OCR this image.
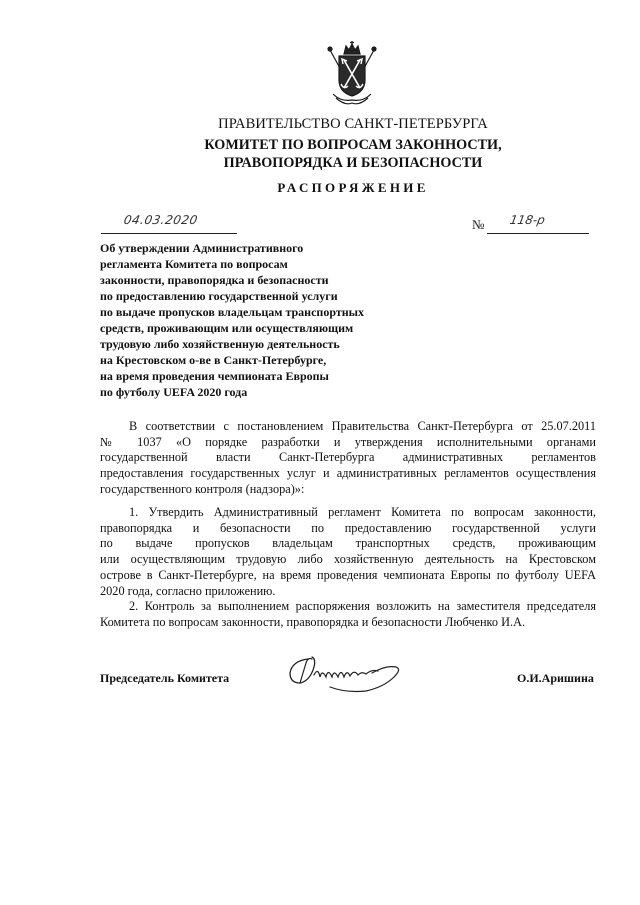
ПРАВИТЕЛЬСТВО САНКТ-ПЕТЕРБУРГА
КОМИТЕТ ПО ВОПРОСАМ ЗАКОННОСТИ,
ПРАВОПОРЯДКА И БЕЗОПАСНОСТИ
РАСПОРЯЖЕНИЕ
04.03.2020	№ 118-р
Об утверждении Административного
регламента Комитета по вопросам
законности, правопорядка и безопасности
по предоставлению государственной услуги
по выдаче пропусков владельцам транспортных
средств, проживающим или осуществляющим
трудовую либо хозяйственную деятельность
на Крестовском о-ве в Санкт-Петербурге,
на время проведения чемпионата Европы
по футболу UEFA 2020 года
В соответствии с постановлением Правительства Санкт-Петербурга от 25.07.2011
№ 1037 «О порядке разработки и утверждения исполнительными органами
государственной власти Санкт-Петербурга административных регламентов
предоставления государственных услуг и административных регламентов осуществления
государственного контроля (надзора)»:
1. Утвердить Административный регламент Комитета по вопросам законности,
правопорядка и безопасности по предоставлению государственной услуги
по выдаче пропусков владельцам транспортных средств, проживающим
или осуществляющим трудовую либо хозяйственную деятельность на Крестовском
острове в Санкт-Петербурге, на время проведения чемпионата Европы по футболу UEFA
2020 года, согласно приложению.
2. Контроль за выполнением распоряжения возложить на заместителя председателя
Комитета по вопросам законности, правопорядка и безопасности Любченко И.А.
Председатель Комитета	О.И.Аришина
